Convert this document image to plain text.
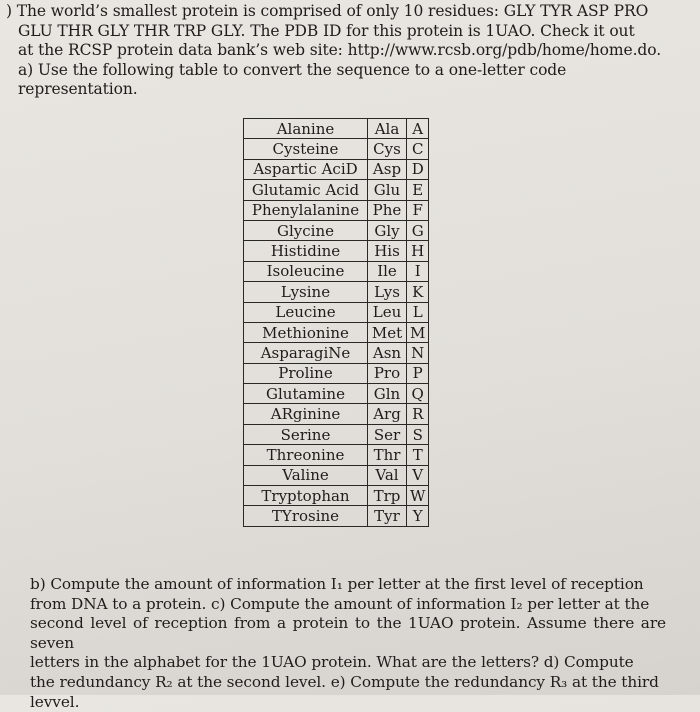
) The world’s smallest protein is comprised of only 10 residues: GLY TYR ASP PRO

GLU THR GLY THR TRP GLY. The PDB ID for this protein is 1UAO. Check it out

at the RCSP protein data bank’s web site: http://www.rcsb.org/pdb/home/home.do.

a) Use the following table to convert the sequence to a one-letter code representation.

Alanine	Ala	A
Cysteine	Cys	C
Aspartic AciD	Asp	D
Glutamic Acid	Glu	E
Phenylalanine	Phe	F
Glycine	Gly	G
Histidine	His	H
Isoleucine	Ile	I
Lysine	Lys	K
Leucine	Leu	L
Methionine	Met	M
AsparagiNe	Asn	N
Proline	Pro	P
Glutamine	Gln	Q
ARginine	Arg	R
Serine	Ser	S
Threonine	Thr	T
Valine	Val	V
Tryptophan	Trp	W
TYrosine	Tyr	Y

b) Compute the amount of information I₁ per letter at the first level of reception

from DNA to a protein. c) Compute the amount of information I₂ per letter at the

second level of reception from a protein to the 1UAO protein. Assume there are seven

letters in the alphabet for the 1UAO protein. What are the letters? d) Compute

the redundancy R₂ at the second level. e) Compute the redundancy R₃ at the third

levvel.
